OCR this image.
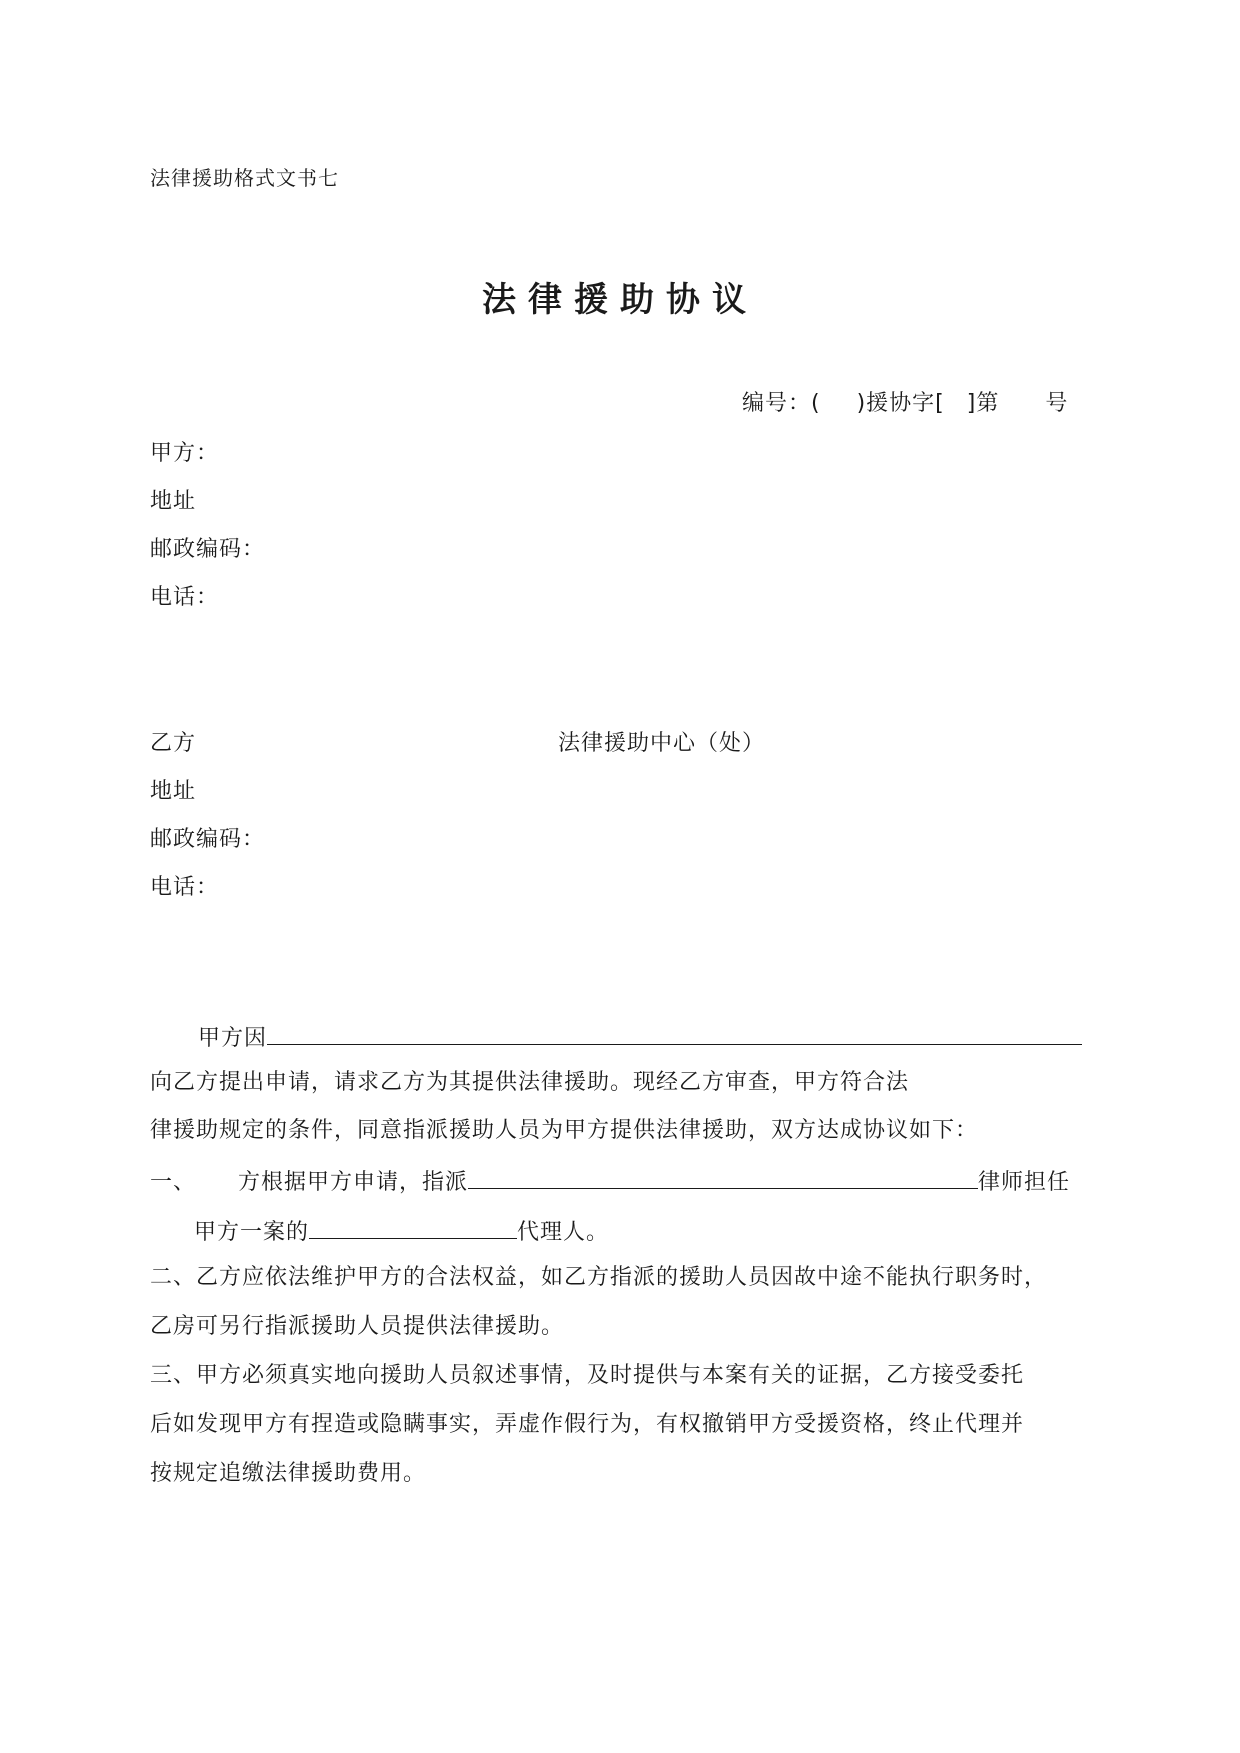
法律援助格式文书七
法律援助协议
编号：( )援协字[ ]第 号
甲方：
地址
邮政编码：
电话：
乙方	法律援助中心（处）
地址
邮政编码：
电话：
甲方因
向乙方提出申请，请求乙方为其提供法律援助。现经乙方审查，甲方符合法
律援助规定的条件，同意指派援助人员为甲方提供法律援助，双方达成协议如下：
一、 方根据甲方申请，指派	律师担任
甲方一案的	代理人。
二、乙方应依法维护甲方的合法权益，如乙方指派的援助人员因故中途不能执行职务时，
乙房可另行指派援助人员提供法律援助。
三、甲方必须真实地向援助人员叙述事情，及时提供与本案有关的证据，乙方接受委托
后如发现甲方有捏造或隐瞒事实，弄虚作假行为，有权撤销甲方受援资格，终止代理并
按规定追缴法律援助费用。
